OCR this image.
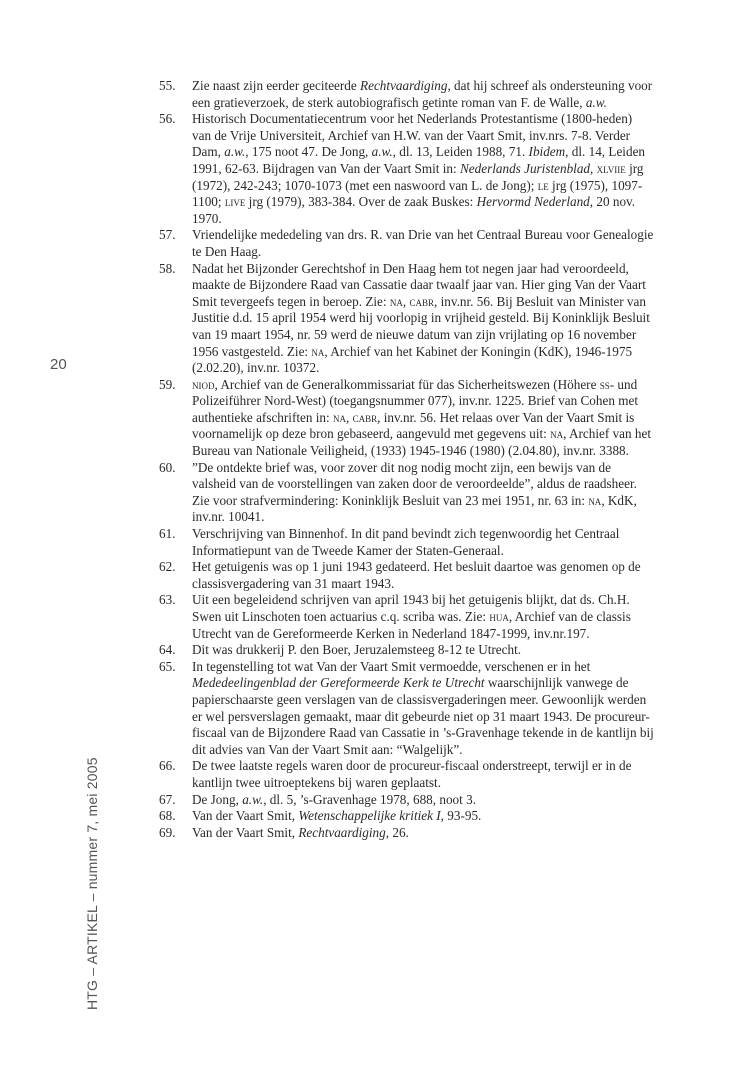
20
HTG – ARTIKEL – nummer 7, mei 2005
55.	Zie naast zijn eerder geciteerde Rechtvaardiging, dat hij schreef als ondersteuning voor een gratieverzoek, de sterk autobiografisch getinte roman van F. de Walle, a.w.
56.	Historisch Documentatiecentrum voor het Nederlands Protestantisme (1800-heden) van de Vrije Universiteit, Archief van H.W. van der Vaart Smit, inv.nrs. 7-8. Verder Dam, a.w., 175 noot 47. De Jong, a.w., dl. 13, Leiden 1988, 71. Ibidem, dl. 14, Leiden 1991, 62-63. Bijdragen van Van der Vaart Smit in: Nederlands Juristenblad, xlviie jrg (1972), 242-243; 1070-1073 (met een naswoord van L. de Jong); le jrg (1975), 1097-1100; live jrg (1979), 383-384. Over de zaak Buskes: Hervormd Nederland, 20 nov. 1970.
57.	Vriendelijke mededeling van drs. R. van Drie van het Centraal Bureau voor Genealogie te Den Haag.
58.	Nadat het Bijzonder Gerechtshof in Den Haag hem tot negen jaar had veroordeeld, maakte de Bijzondere Raad van Cassatie daar twaalf jaar van. Hier ging Van der Vaart Smit tevergeefs tegen in beroep. Zie: na, cabr, inv.nr. 56. Bij Besluit van Minister van Justitie d.d. 15 april 1954 werd hij voorlopig in vrijheid gesteld. Bij Koninklijk Besluit van 19 maart 1954, nr. 59 werd de nieuwe datum van zijn vrijlating op 16 november 1956 vastgesteld. Zie: na, Archief van het Kabinet der Koningin (KdK), 1946-1975 (2.02.20), inv.nr. 10372.
59.	niod, Archief van de Generalkommissariat für das Sicherheitswezen (Höhere ss- und Polizeiführer Nord-West) (toegangsnummer 077), inv.nr. 1225. Brief van Cohen met authentieke afschriften in: na, cabr, inv.nr. 56. Het relaas over Van der Vaart Smit is voornamelijk op deze bron gebaseerd, aangevuld met gegevens uit: na, Archief van het Bureau van Nationale Veiligheid, (1933) 1945-1946 (1980) (2.04.80), inv.nr. 3388.
60.	”De ontdekte brief was, voor zover dit nog nodig mocht zijn, een bewijs van de valsheid van de voorstellingen van zaken door de veroordeelde”, aldus de raadsheer. Zie voor strafvermindering: Koninklijk Besluit van 23 mei 1951, nr. 63 in: na, KdK, inv.nr. 10041.
61.	Verschrijving van Binnenhof. In dit pand bevindt zich tegenwoordig het Centraal Informatiepunt van de Tweede Kamer der Staten-Generaal.
62.	Het getuigenis was op 1 juni 1943 gedateerd. Het besluit daartoe was genomen op de classisvergadering van 31 maart 1943.
63.	Uit een begeleidend schrijven van april 1943 bij het getuigenis blijkt, dat ds. Ch.H. Swen uit Linschoten toen actuarius c.q. scriba was. Zie: hua, Archief van de classis Utrecht van de Gereformeerde Kerken in Nederland 1847-1999, inv.nr.197.
64.	Dit was drukkerij P. den Boer, Jeruzalemsteeg 8-12 te Utrecht.
65.	In tegenstelling tot wat Van der Vaart Smit vermoedde, verschenen er in het Mededeelingenblad der Gereformeerde Kerk te Utrecht waarschijnlijk vanwege de papierschaarste geen verslagen van de classisvergaderingen meer. Gewoonlijk werden er wel persverslagen gemaakt, maar dit gebeurde niet op 31 maart 1943. De procureur-fiscaal van de Bijzondere Raad van Cassatie in ’s-Gravenhage tekende in de kantlijn bij dit advies van Van der Vaart Smit aan: “Walgelijk”.
66.	De twee laatste regels waren door de procureur-fiscaal onderstreept, terwijl er in de kantlijn twee uitroeptekens bij waren geplaatst.
67.	De Jong, a.w., dl. 5, ’s-Gravenhage 1978, 688, noot 3.
68.	Van der Vaart Smit, Wetenschappelijke kritiek I, 93-95.
69.	Van der Vaart Smit, Rechtvaardiging, 26.
